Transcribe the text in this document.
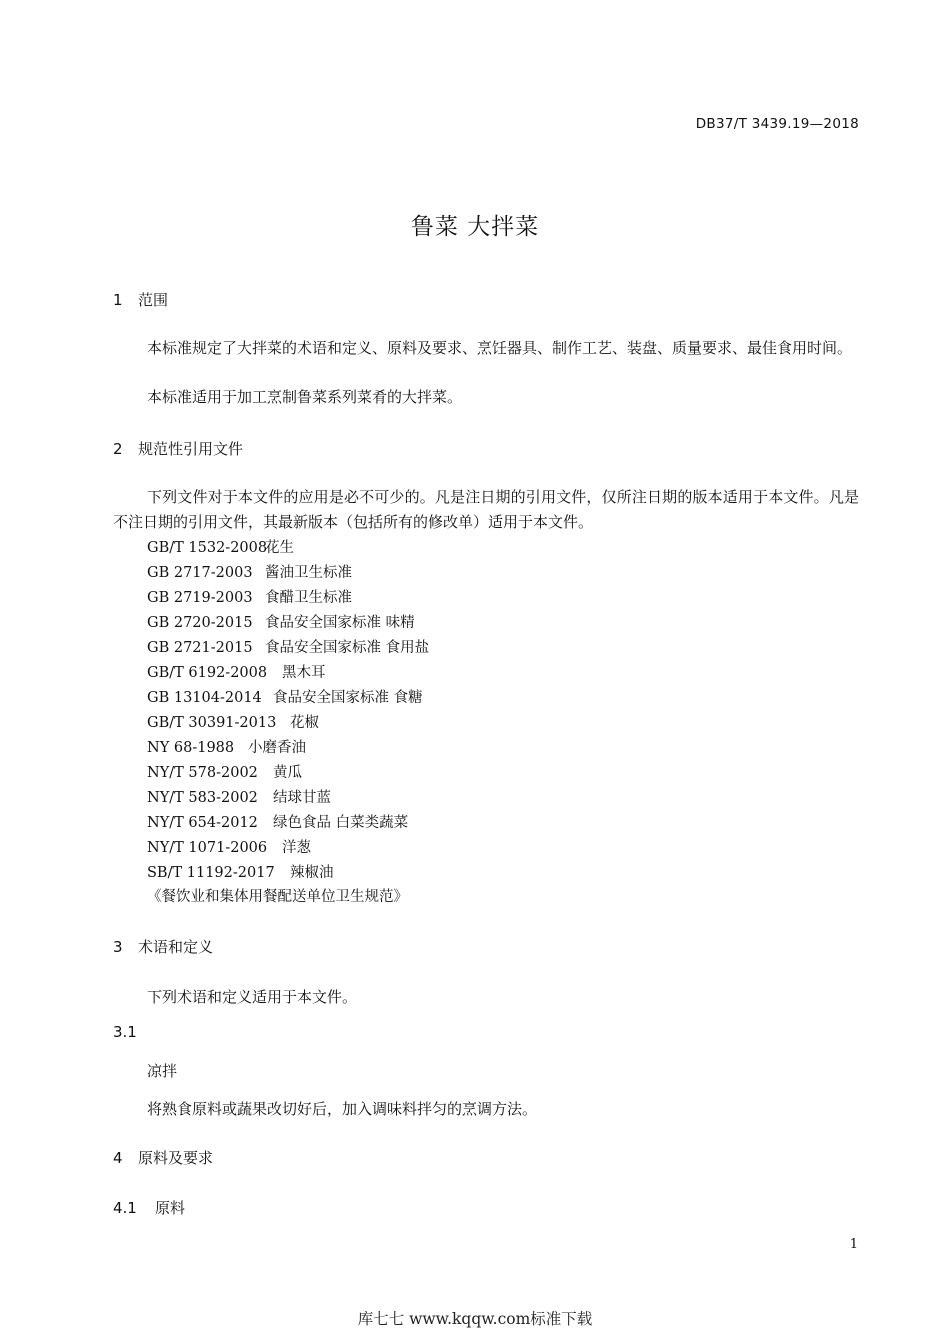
DB37/T 3439.19—2018
鲁菜 大拌菜
1 范围
本标准规定了大拌菜的术语和定义、原料及要求、烹饪器具、制作工艺、装盘、质量要求、最佳食用时间。
本标准适用于加工烹制鲁菜系列菜肴的大拌菜。
2 规范性引用文件
下列文件对于本文件的应用是必不可少的。凡是注日期的引用文件，仅所注日期的版本适用于本文件。凡是不注日期的引用文件，其最新版本（包括所有的修改单）适用于本文件。
GB/T 1532-2008花生
GB 2717-2003 酱油卫生标准
GB 2719-2003 食醋卫生标准
GB 2720-2015 食品安全国家标准 味精
GB 2721-2015 食品安全国家标准 食用盐
GB/T 6192-2008 黑木耳
GB 13104-2014 食品安全国家标准 食糖
GB/T 30391-2013 花椒
NY 68-1988 小磨香油
NY/T 578-2002 黄瓜
NY/T 583-2002 结球甘蓝
NY/T 654-2012 绿色食品 白菜类蔬菜
NY/T 1071-2006 洋葱
SB/T 11192-2017 辣椒油
《餐饮业和集体用餐配送单位卫生规范》
3 术语和定义
下列术语和定义适用于本文件。
3.1
凉拌
将熟食原料或蔬果改切好后，加入调味料拌匀的烹调方法。
4 原料及要求
4.1 原料
1
库七七 www.kqqw.com标准下载
